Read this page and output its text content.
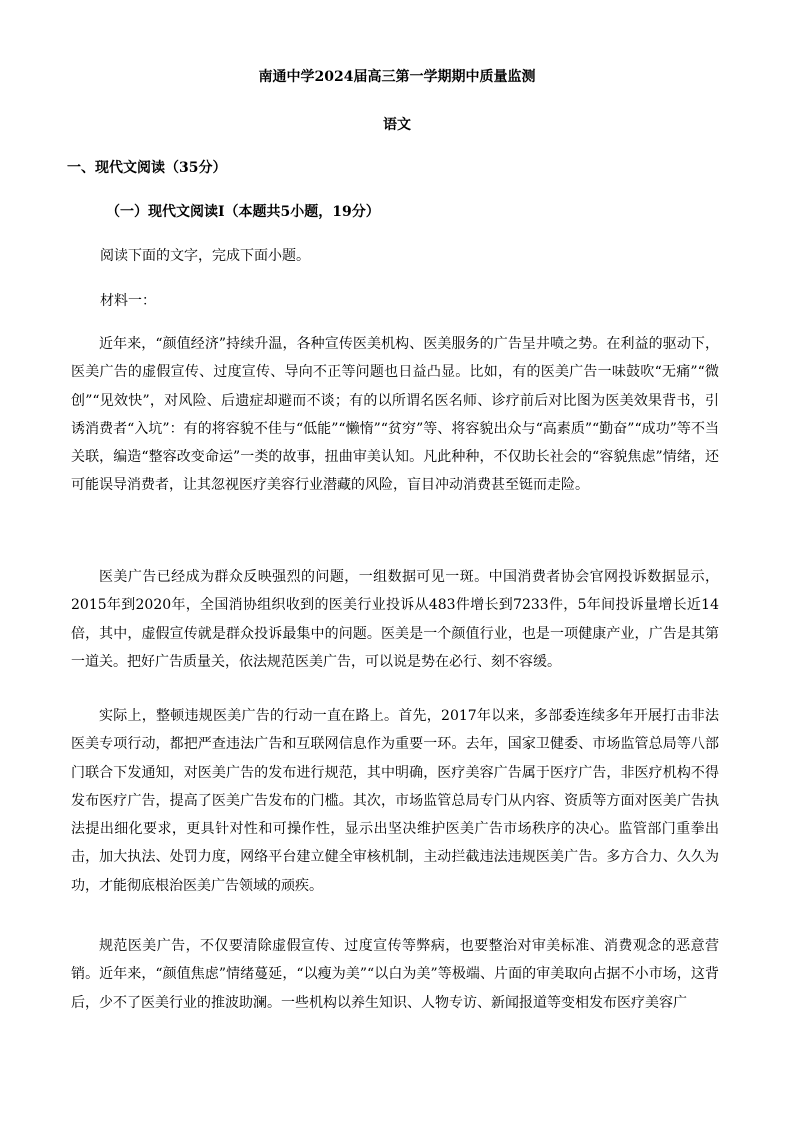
南通中学2024届高三第一学期期中质量监测
语文
一、现代文阅读（35分）
（一）现代文阅读Ⅰ（本题共5小题，19分）
阅读下面的文字，完成下面小题。
材料一：

近年来，“颜值经济”持续升温，各种宣传医美机构、医美服务的广告呈井喷之势。在利益的驱动下，医美广告的虚假宣传、过度宣传、导向不正等问题也日益凸显。比如，有的医美广告一味鼓吹“无痛”“微创”“见效快”，对风险、后遗症却避而不谈；有的以所谓名医名师、诊疗前后对比图为医美效果背书，引诱消费者“入坑”：有的将容貌不佳与“低能”“懒惰”“贫穷”等、将容貌出众与“高素质”“勤奋”“成功”等不当关联，编造“整容改变命运”一类的故事，扭曲审美认知。凡此种种，不仅助长社会的“容貌焦虑”情绪，还可能误导消费者，让其忽视医疗美容行业潜藏的风险，盲目冲动消费甚至铤而走险。

医美广告已经成为群众反映强烈的问题，一组数据可见一斑。中国消费者协会官网投诉数据显示，2015年到2020年，全国消协组织收到的医美行业投诉从483件增长到7233件，5年间投诉量增长近14倍，其中，虚假宣传就是群众投诉最集中的问题。医美是一个颜值行业，也是一项健康产业，广告是其第一道关。把好广告质量关，依法规范医美广告，可以说是势在必行、刻不容缓。

实际上，整顿违规医美广告的行动一直在路上。首先，2017年以来，多部委连续多年开展打击非法医美专项行动，都把严查违法广告和互联网信息作为重要一环。去年，国家卫健委、市场监管总局等八部门联合下发通知，对医美广告的发布进行规范，其中明确，医疗美容广告属于医疗广告，非医疗机构不得发布医疗广告，提高了医美广告发布的门槛。其次，市场监管总局专门从内容、资质等方面对医美广告执法提出细化要求，更具针对性和可操作性，显示出坚决维护医美广告市场秩序的决心。监管部门重拳出击，加大执法、处罚力度，网络平台建立健全审核机制，主动拦截违法违规医美广告。多方合力、久久为功，才能彻底根治医美广告领域的顽疾。

规范医美广告，不仅要清除虚假宣传、过度宣传等弊病，也要整治对审美标准、消费观念的恶意营销。近年来，“颜值焦虑”情绪蔓延，“以瘦为美”“以白为美”等极端、片面的审美取向占据不小市场，这背后，少不了医美行业的推波助澜。一些机构以养生知识、人物专访、新闻报道等变相发布医疗美容广
